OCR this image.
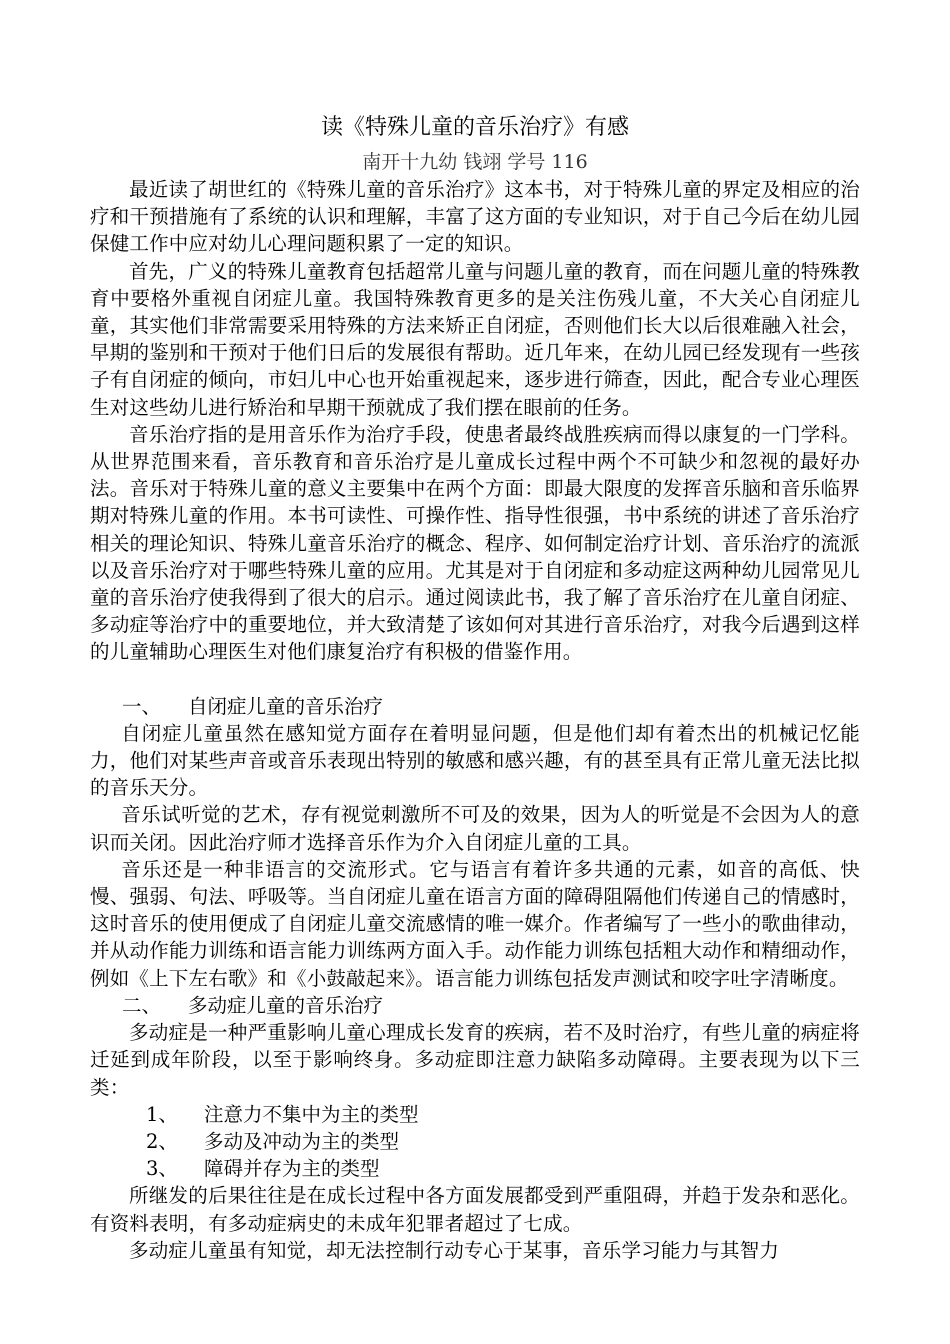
读《特殊儿童的音乐治疗》有感

南开十九幼 钱翊 学号 116

最近读了胡世红的《特殊儿童的音乐治疗》这本书，对于特殊儿童的界定及相应的治疗和干预措施有了系统的认识和理解，丰富了这方面的专业知识，对于自己今后在幼儿园保健工作中应对幼儿心理问题积累了一定的知识。

首先，广义的特殊儿童教育包括超常儿童与问题儿童的教育，而在问题儿童的特殊教育中要格外重视自闭症儿童。我国特殊教育更多的是关注伤残儿童，不大关心自闭症儿童，其实他们非常需要采用特殊的方法来矫正自闭症，否则他们长大以后很难融入社会，早期的鉴别和干预对于他们日后的发展很有帮助。近几年来，在幼儿园已经发现有一些孩子有自闭症的倾向，市妇儿中心也开始重视起来，逐步进行筛查，因此，配合专业心理医生对这些幼儿进行矫治和早期干预就成了我们摆在眼前的任务。

音乐治疗指的是用音乐作为治疗手段，使患者最终战胜疾病而得以康复的一门学科。从世界范围来看，音乐教育和音乐治疗是儿童成长过程中两个不可缺少和忽视的最好办法。音乐对于特殊儿童的意义主要集中在两个方面：即最大限度的发挥音乐脑和音乐临界期对特殊儿童的作用。本书可读性、可操作性、指导性很强，书中系统的讲述了音乐治疗相关的理论知识、特殊儿童音乐治疗的概念、程序、如何制定治疗计划、音乐治疗的流派以及音乐治疗对于哪些特殊儿童的应用。尤其是对于自闭症和多动症这两种幼儿园常见儿童的音乐治疗使我得到了很大的启示。通过阅读此书，我了解了音乐治疗在儿童自闭症、多动症等治疗中的重要地位，并大致清楚了该如何对其进行音乐治疗，对我今后遇到这样的儿童辅助心理医生对他们康复治疗有积极的借鉴作用。

一、	自闭症儿童的音乐治疗

自闭症儿童虽然在感知觉方面存在着明显问题，但是他们却有着杰出的机械记忆能力，他们对某些声音或音乐表现出特别的敏感和感兴趣，有的甚至具有正常儿童无法比拟的音乐天分。

音乐试听觉的艺术，存有视觉刺激所不可及的效果，因为人的听觉是不会因为人的意识而关闭。因此治疗师才选择音乐作为介入自闭症儿童的工具。

音乐还是一种非语言的交流形式。它与语言有着许多共通的元素，如音的高低、快慢、强弱、句法、呼吸等。当自闭症儿童在语言方面的障碍阻隔他们传递自己的情感时，这时音乐的使用便成了自闭症儿童交流感情的唯一媒介。作者编写了一些小的歌曲律动，并从动作能力训练和语言能力训练两方面入手。动作能力训练包括粗大动作和精细动作，例如《上下左右歌》和《小鼓敲起来》。语言能力训练包括发声测试和咬字吐字清晰度。

二、	多动症儿童的音乐治疗

多动症是一种严重影响儿童心理成长发育的疾病，若不及时治疗，有些儿童的病症将迁延到成年阶段，以至于影响终身。多动症即注意力缺陷多动障碍。主要表现为以下三类：

1、	注意力不集中为主的类型
2、	多动及冲动为主的类型
3、	障碍并存为主的类型

所继发的后果往往是在成长过程中各方面发展都受到严重阻碍，并趋于发杂和恶化。有资料表明，有多动症病史的未成年犯罪者超过了七成。

多动症儿童虽有知觉，却无法控制行动专心于某事，音乐学习能力与其智力
